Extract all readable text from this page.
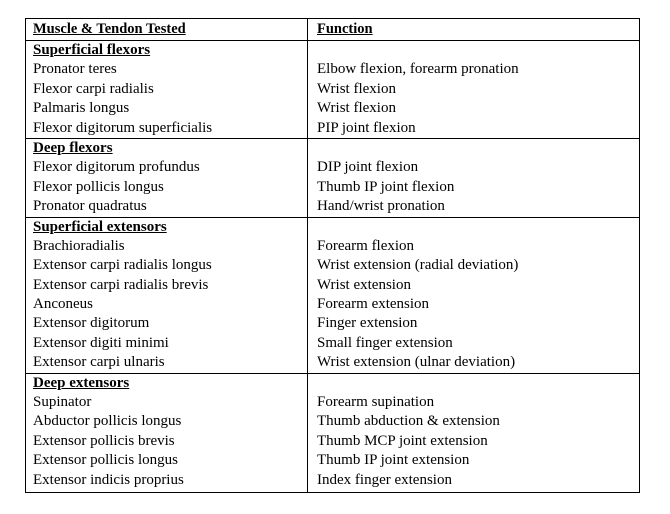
Muscle & Tendon Tested	Function
Superficial flexors
Pronator teres
Flexor carpi radialis
Palmaris longus
Flexor digitorum superficialis
Elbow flexion, forearm pronation
Wrist flexion
Wrist flexion
PIP joint flexion
Deep flexors
Flexor digitorum profundus
Flexor pollicis longus
Pronator quadratus
DIP joint flexion
Thumb IP joint flexion
Hand/wrist pronation
Superficial extensors
Brachioradialis
Extensor carpi radialis longus
Extensor carpi radialis brevis
Anconeus
Extensor digitorum
Extensor digiti minimi
Extensor carpi ulnaris
Forearm flexion
Wrist extension (radial deviation)
Wrist extension
Forearm extension
Finger extension
Small finger extension
Wrist extension (ulnar deviation)
Deep extensors
Supinator
Abductor pollicis longus
Extensor pollicis brevis
Extensor pollicis longus
Extensor indicis proprius
Forearm supination
Thumb abduction & extension
Thumb MCP joint extension
Thumb IP joint extension
Index finger extension
